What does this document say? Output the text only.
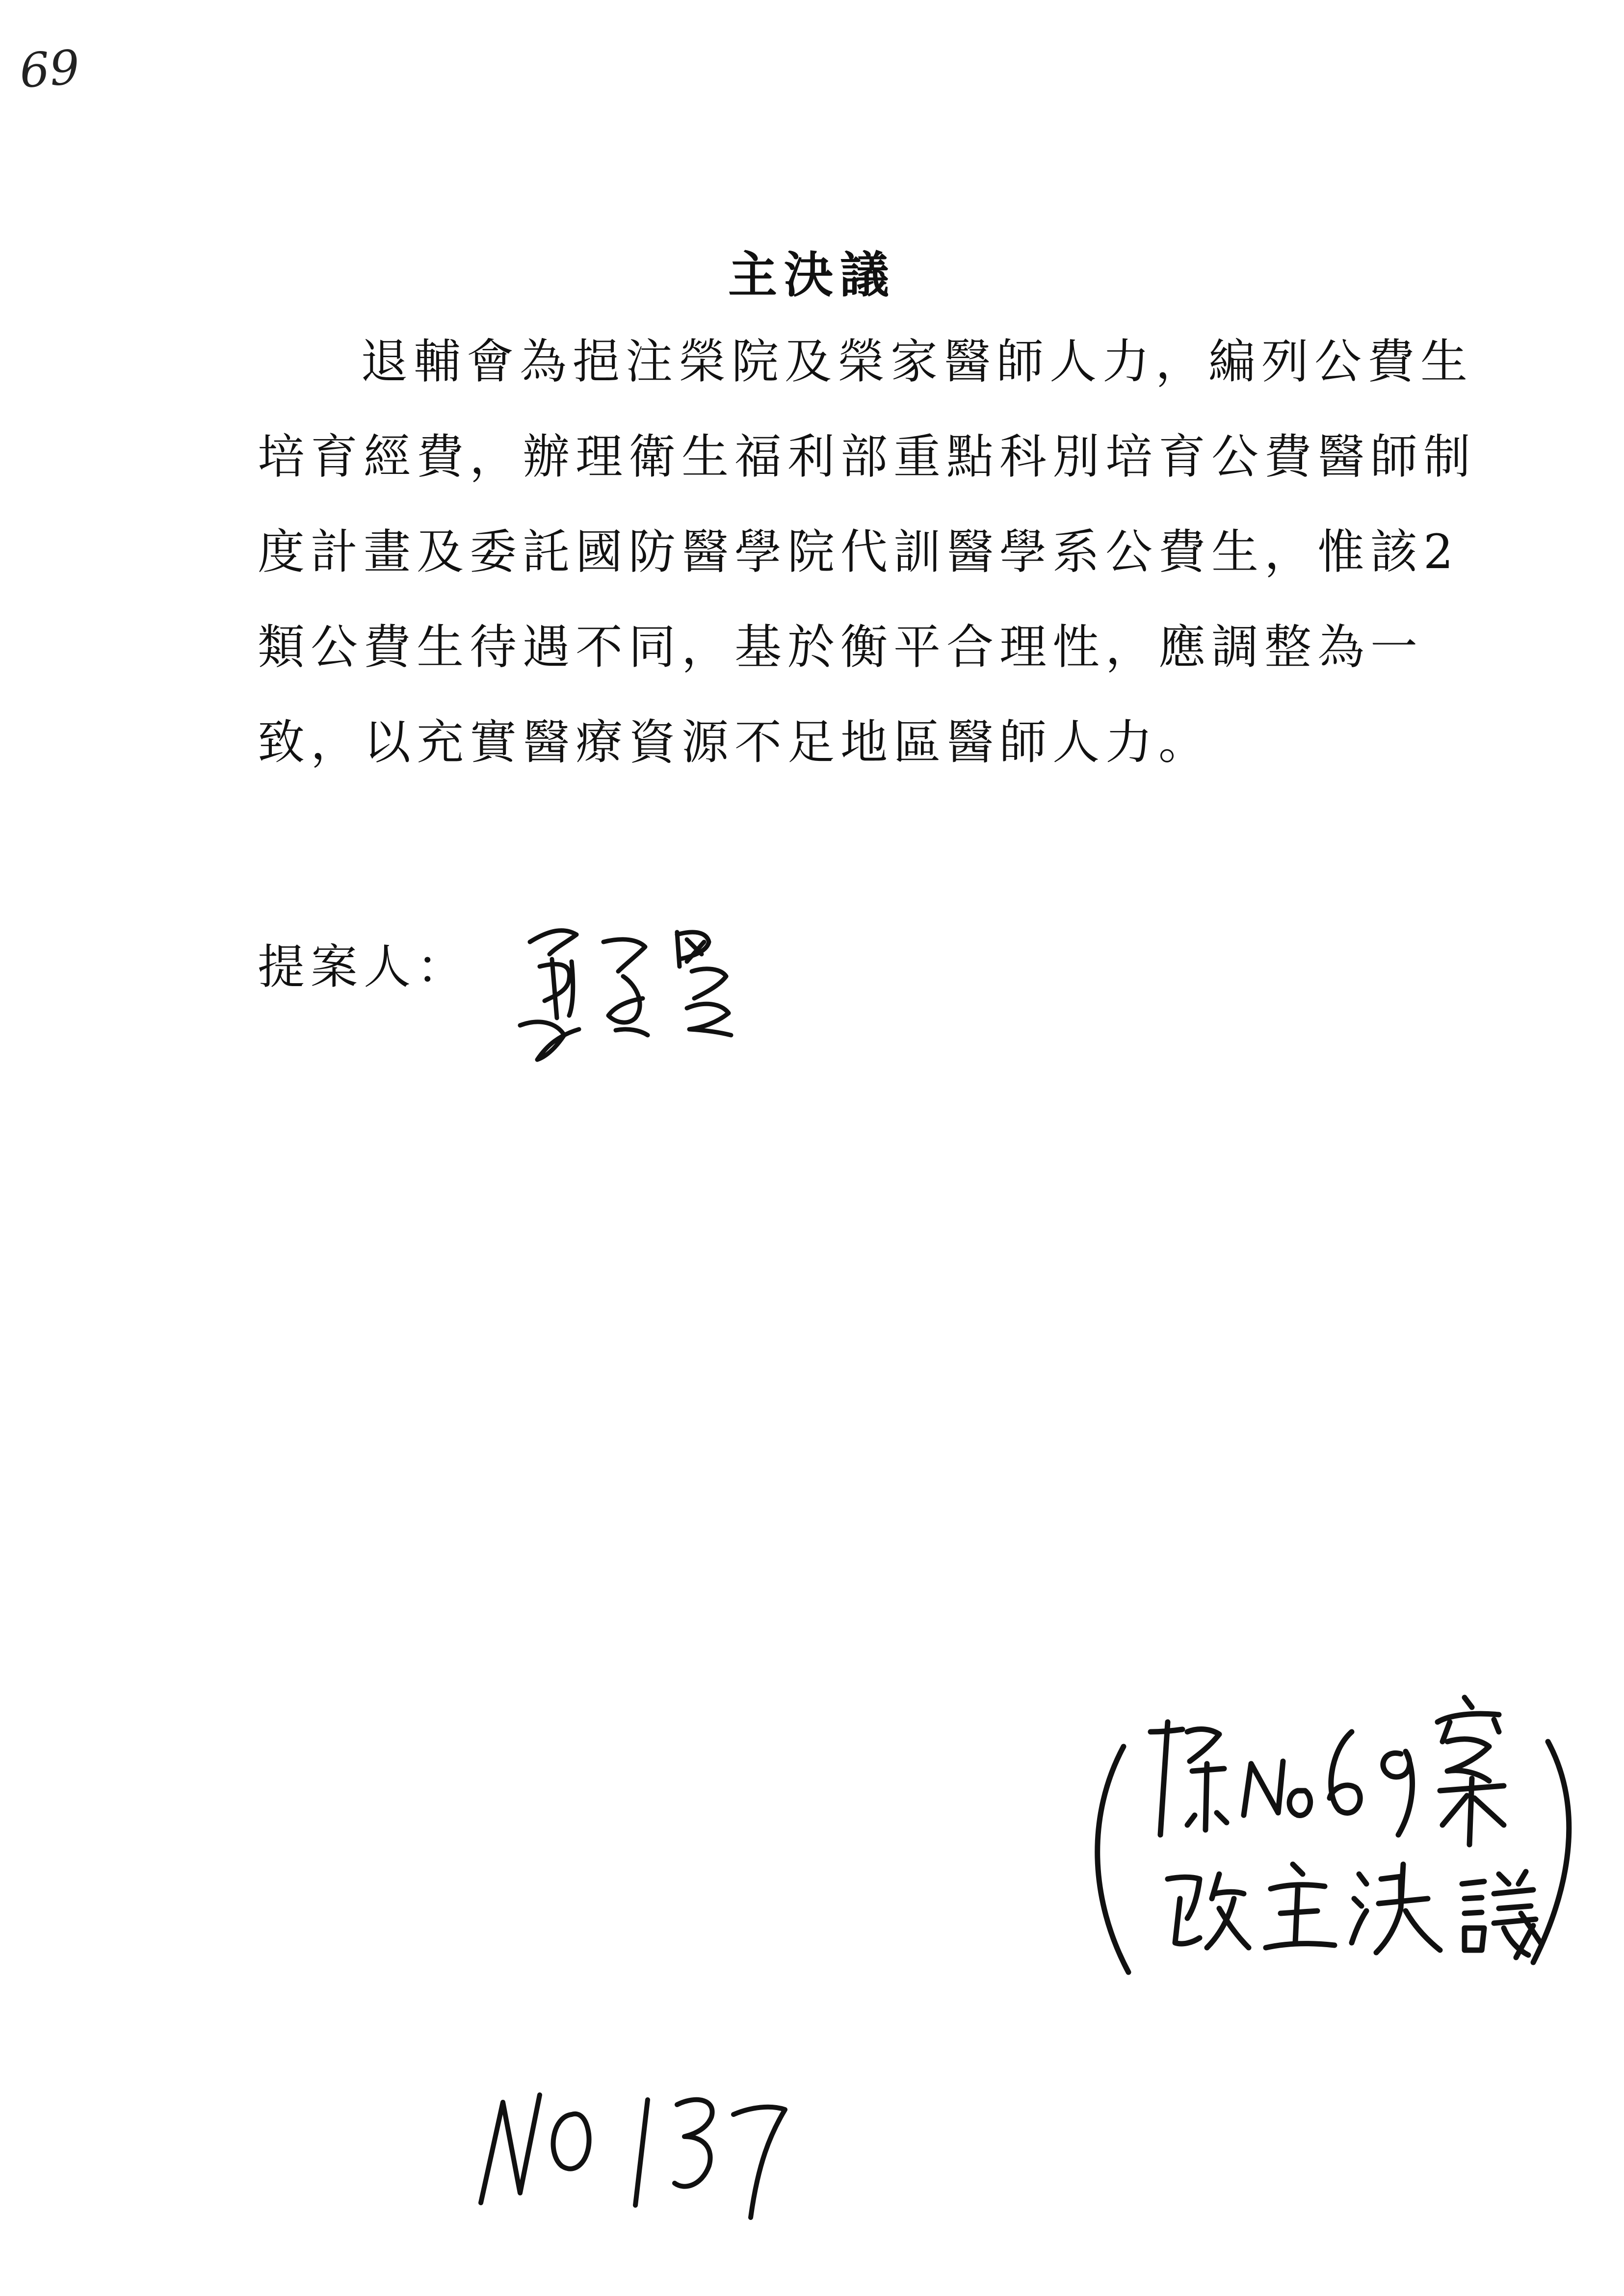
69
主決議
退輔會為挹注榮院及榮家醫師人力，編列公費生
培育經費，辦理衛生福利部重點科別培育公費醫師制
度計畫及委託國防醫學院代訓醫學系公費生，惟該2
類公費生待遇不同，基於衡平合理性，應調整為一
致，以充實醫療資源不足地區醫師人力。
提案人：
